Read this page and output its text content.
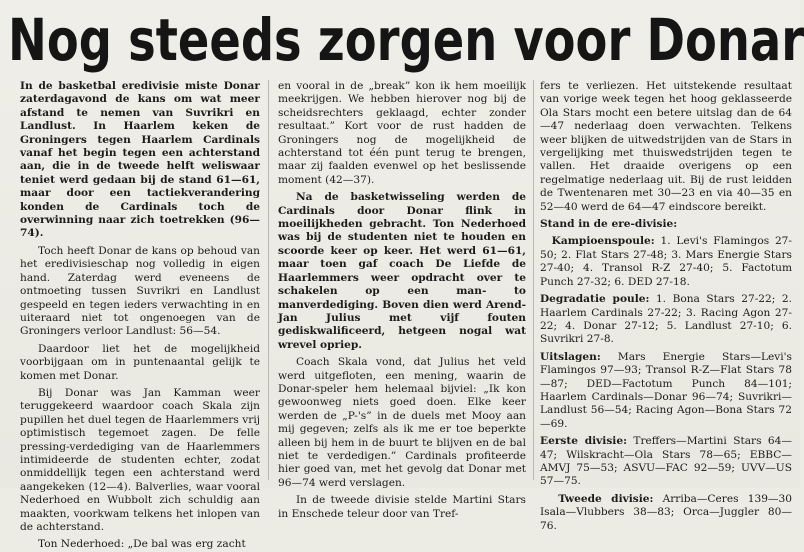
Nog steeds zorgen voor Donar

In de basketbal eredivisie miste Donar zaterdagavond de kans om wat meer afstand te nemen van Suvrikri en Landlust. In Haarlem keken de Groningers tegen Haarlem Cardinals vanaf het begin tegen een achterstand aan, die in de tweede helft weliswaar teniet werd gedaan bij de stand 61—61, maar door een tactiekverandering konden de Cardinals toch de overwinning naar zich toetrekken (96—74).

Toch heeft Donar de kans op behoud van het eredivisieschap nog volledig in eigen hand. Zaterdag werd eveneens de ontmoeting tussen Suvrikri en Landlust gespeeld en tegen ieders verwachting in en uiteraard niet tot ongenoegen van de Groningers verloor Landlust: 56—54.

Daardoor liet het de mogelijkheid voorbijgaan om in puntenaantal gelijk te komen met Donar.

Bij Donar was Jan Kamman weer teruggekeerd waardoor coach Skala zijn pupillen het duel tegen de Haarlemmers vrij optimistisch tegemoet zagen. De felle pressing-verdediging van de Haarlemmers intimideerde de studenten echter, zodat onmiddellijk tegen een achterstand werd aangekeken (12—4). Balverlies, waar vooral Nederhoed en Wubbolt zich schuldig aan maakten, voorkwam telkens het inlopen van de achterstand.

Ton Nederhoed: „De bal was erg zacht

en vooral in de „break” kon ik hem moeilijk meekrijgen. We hebben hierover nog bij de scheidsrechters geklaagd, echter zonder resultaat.” Kort voor de rust hadden de Groningers nog de mogelijkheid de achterstand tot één punt terug te brengen, maar zij faalden evenwel op het beslissende moment (42—37).

Na de basketwisseling werden de Cardinals door Donar flink in moeilijkheden gebracht. Ton Nederhoed was bij de studenten niet te houden en scoorde keer op keer. Het werd 61—61, maar toen gaf coach De Liefde de Haarlemmers weer opdracht over te schakelen op een man- to manverdediging. Boven dien werd Arend-Jan Julius met vijf fouten gediskwalificeerd, hetgeen nogal wat wrevel opriep.

Coach Skala vond, dat Julius het veld werd uitgefloten, een mening, waarin de Donar-speler hem helemaal bijviel: „Ik kon gewoonweg niets goed doen. Elke keer werden de „P-'s” in de duels met Mooy aan mij gegeven; zelfs als ik me er toe beperkte alleen bij hem in de buurt te blijven en de bal niet te verdedigen.” Cardinals profiteerde hier goed van, met het gevolg dat Donar met 96—74 werd verslagen.

In de tweede divisie stelde Martini Stars in Enschede teleur door van Tref-

fers te verliezen. Het uitstekende resultaat van vorige week tegen het hoog geklasseerde Ola Stars mocht een betere uitslag dan de 64—47 nederlaag doen verwachten. Telkens weer blijken de uitwedstrijden van de Stars in vergelijking met thuiswedstrijden tegen te vallen. Het draaide overigens op een regelmatige nederlaag uit. Bij de rust leidden de Twentenaren met 30—23 en via 40—35 en 52—40 werd de 64—47 eindscore bereikt.

Stand in de ere-divisie:

Kampioenspoule: 1. Levi's Flamingos 27-50; 2. Flat Stars 27-48; 3. Mars Energie Stars 27-40; 4. Transol R-Z 27-40; 5. Factotum Punch 27-32; 6. DED 27-18.

Degradatie poule: 1. Bona Stars 27-22; 2. Haarlem Cardinals 27-22; 3. Racing Agon 27-22; 4. Donar 27-12; 5. Landlust 27-10; 6. Suvrikri 27-8.

Uitslagen: Mars Energie Stars—Levi's Flamingos 97—93; Transol R-Z—Flat Stars 78—87; DED—Factotum Punch 84—101; Haarlem Cardinals—Donar 96—74; Suvrikri—Landlust 56—54; Racing Agon—Bona Stars 72—69.

Eerste divisie: Treffers—Martini Stars 64—47; Wilskracht—Ola Stars 78—65; EBBC—AMVJ 75—53; ASVU—FAC 92—59; UVV—US 57—75.

Tweede divisie: Arriba—Ceres 139—30 Isala—Vlubbers 38—83; Orca—Juggler 80—76.
